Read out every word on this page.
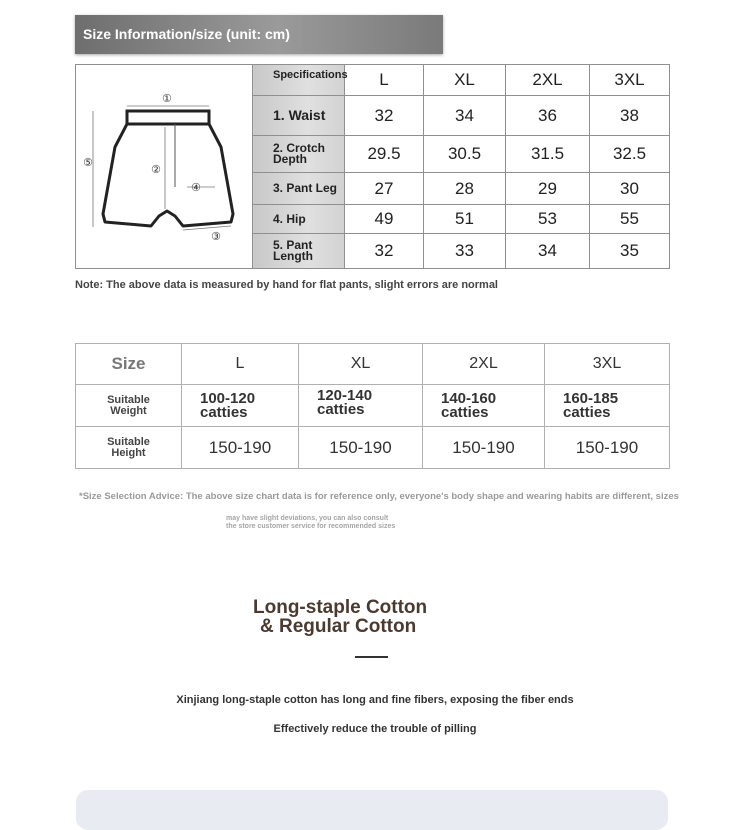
Size Information/size (unit: cm)
①
②
③
④
⑤	Specifications	L	XL	2XL	3XL
	1. Waist	32	34	36	38
	2. Crotch Depth	29.5	30.5	31.5	32.5
	3. Pant Leg	27	28	29	30
	4. Hip	49	51	53	55
	5. Pant Length	32	33	34	35
Note: The above data is measured by hand for flat pants, slight errors are normal
Size	L	XL	2XL	3XL

Suitable Weight	100-120 catties	120-140 catties	140-160 catties	160-185 catties

Suitable Height	150-190	150-190	150-190	150-190
*Size Selection Advice: The above size chart data is for reference only, everyone's body shape and wearing habits are different, sizes
may have slight deviations, you can also consult
the store customer service for recommended sizes
Long-staple Cotton
& Regular Cotton
Xinjiang long-staple cotton has long and fine fibers, exposing the fiber ends
Effectively reduce the trouble of pilling
